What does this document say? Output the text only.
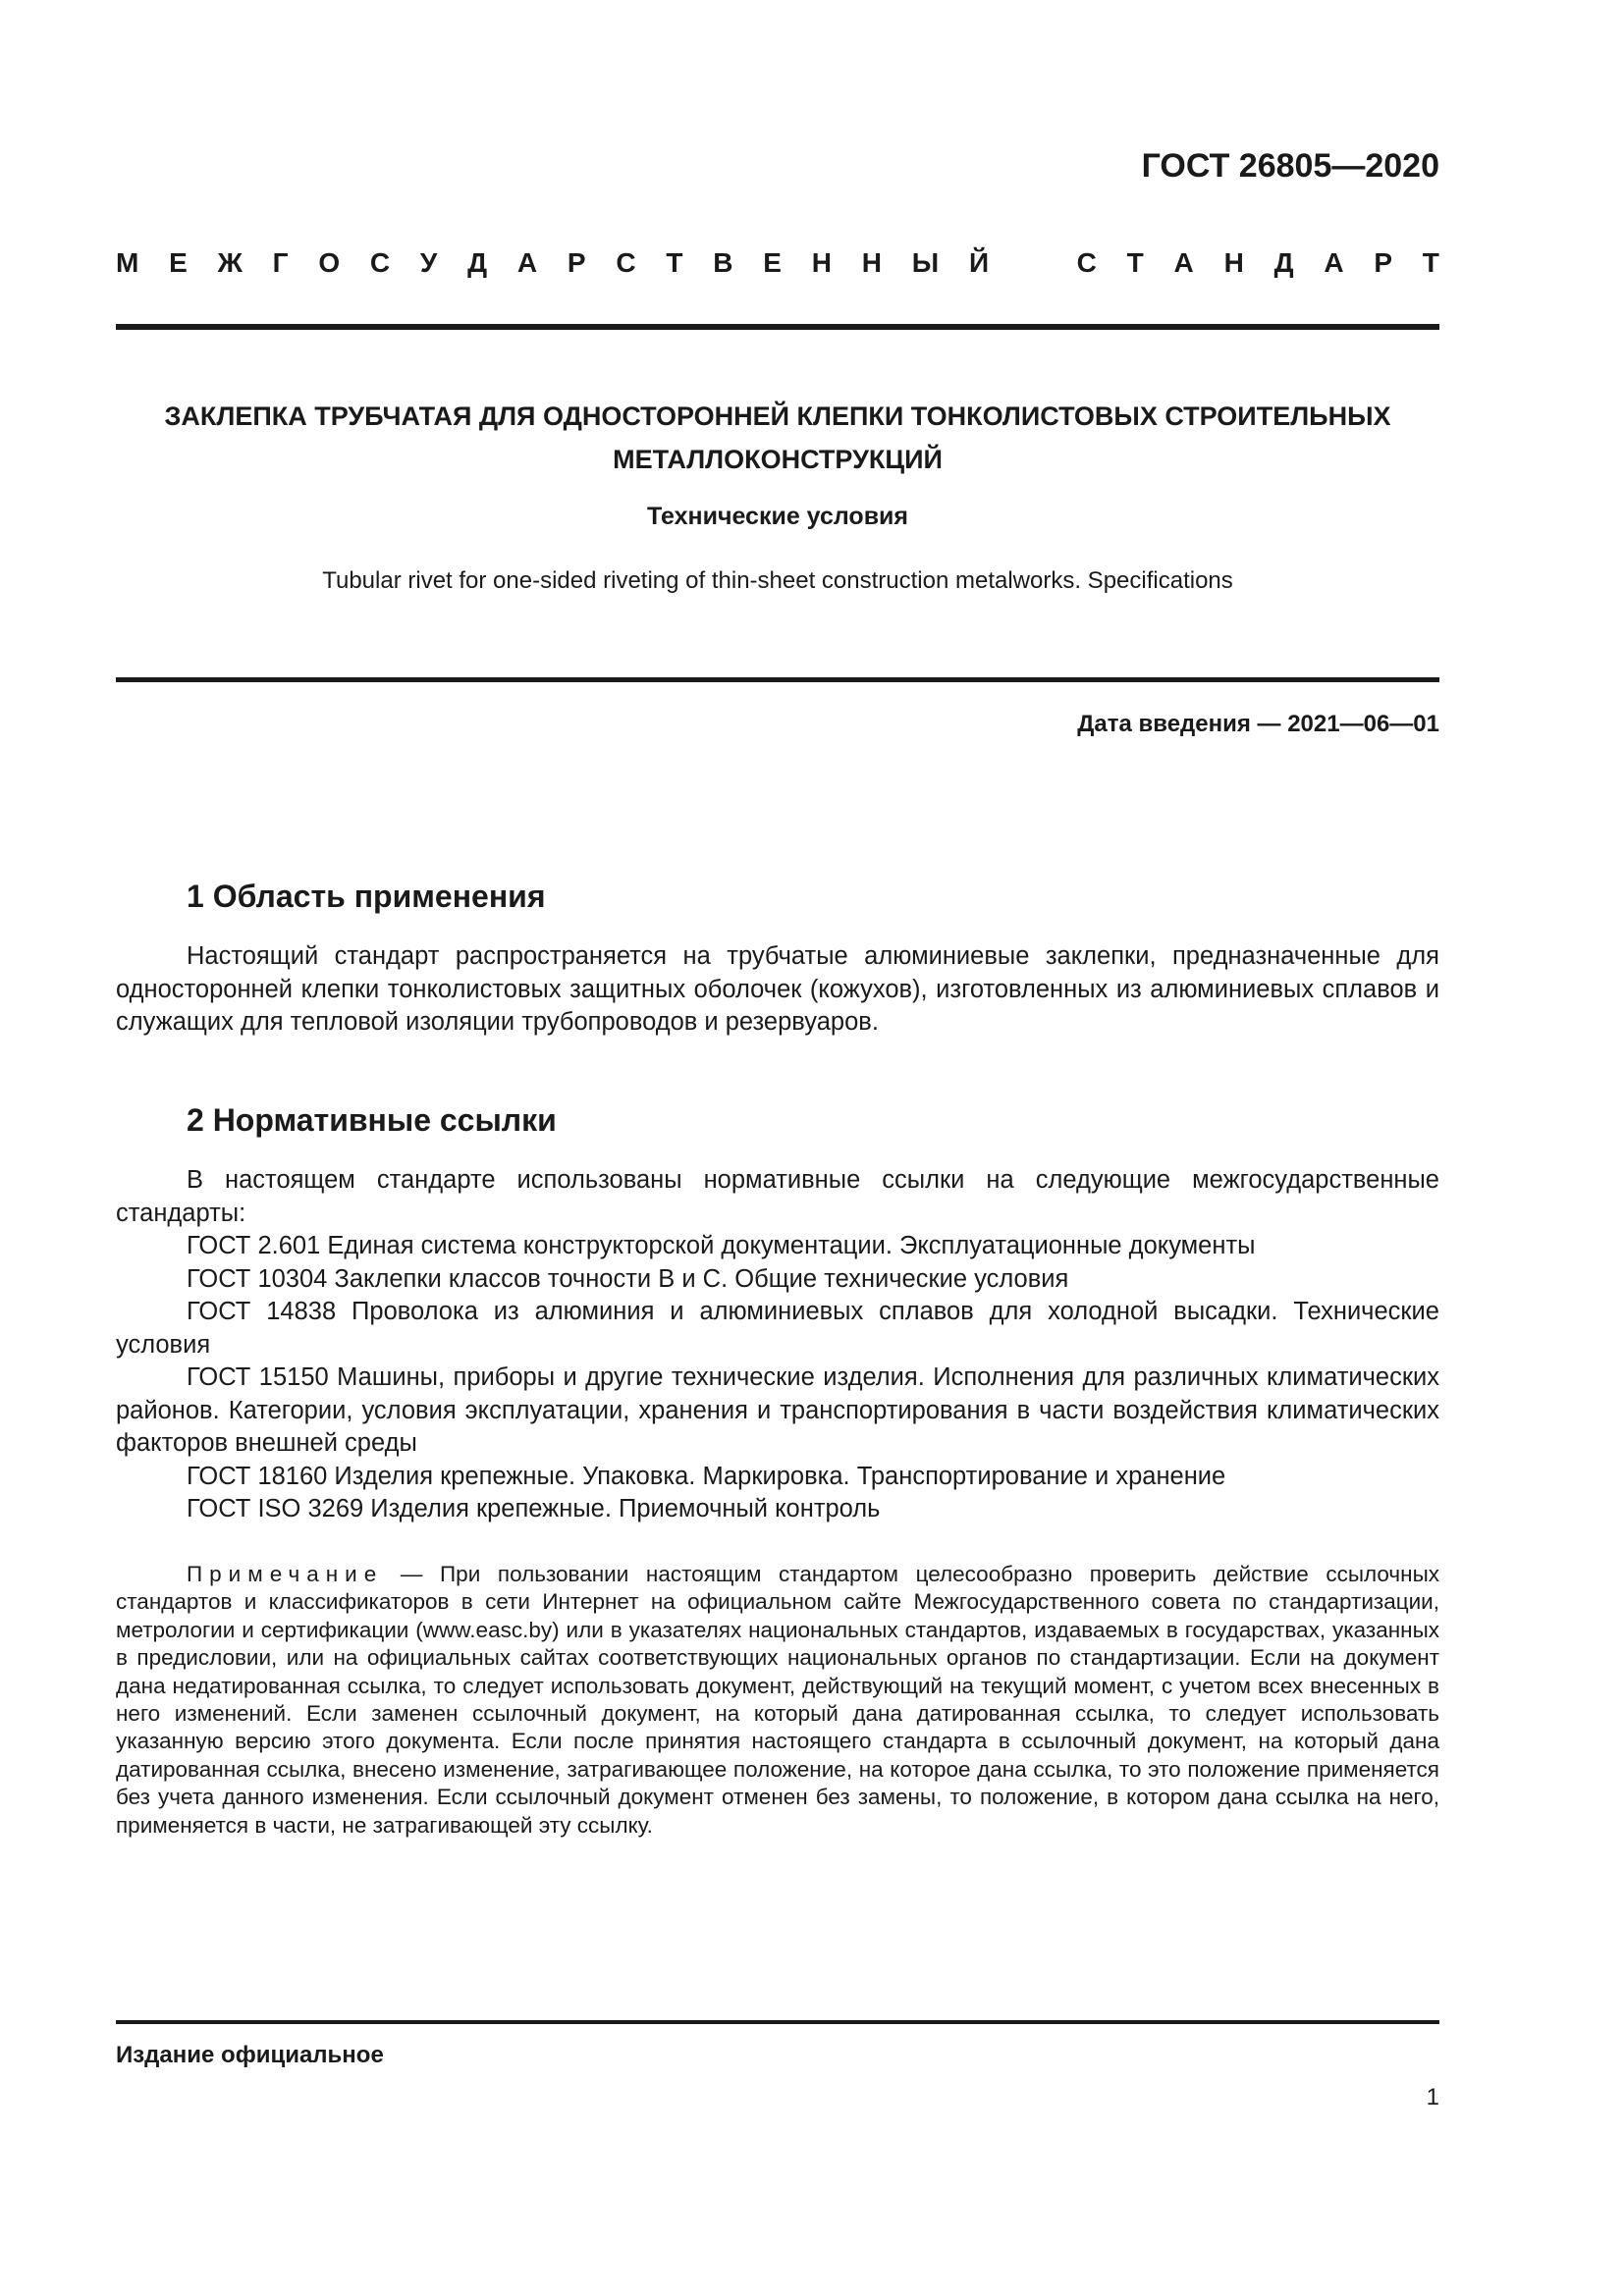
ГОСТ 26805—2020
М Е Ж Г О С У Д А Р С Т В Е Н Н Ы Й	С Т А Н Д А Р Т
ЗАКЛЕПКА ТРУБЧАТАЯ ДЛЯ ОДНОСТОРОННЕЙ КЛЕПКИ ТОНКОЛИСТОВЫХ СТРОИТЕЛЬНЫХ
МЕТАЛЛОКОНСТРУКЦИЙ
Технические условия
Tubular rivet for one-sided riveting of thin-sheet construction metalworks. Specifications
Дата введения — 2021—06—01
1 Область применения

Настоящий стандарт распространяется на трубчатые алюминиевые заклепки, предназначенные для односторонней клепки тонколистовых защитных оболочек (кожухов), изготовленных из алюминиевых сплавов и служащих для тепловой изоляции трубопроводов и резервуаров.

2 Нормативные ссылки

В настоящем стандарте использованы нормативные ссылки на следующие межгосударственные стандарты:

ГОСТ 2.601 Единая система конструкторской документации. Эксплуатационные документы

ГОСТ 10304 Заклепки классов точности В и С. Общие технические условия

ГОСТ 14838 Проволока из алюминия и алюминиевых сплавов для холодной высадки. Технические условия

ГОСТ 15150 Машины, приборы и другие технические изделия. Исполнения для различных климатических районов. Категории, условия эксплуатации, хранения и транспортирования в части воздействия климатических факторов внешней среды

ГОСТ 18160 Изделия крепежные. Упаковка. Маркировка. Транспортирование и хранение

ГОСТ ISO 3269 Изделия крепежные. Приемочный контроль

Примечание — При пользовании настоящим стандартом целесообразно проверить действие ссылочных стандартов и классификаторов в сети Интернет на официальном сайте Межгосударственного совета по стандартизации, метрологии и сертификации (www.easc.by) или в указателях национальных стандартов, издаваемых в государствах, указанных в предисловии, или на официальных сайтах соответствующих национальных органов по стандартизации. Если на документ дана недатированная ссылка, то следует использовать документ, действующий на текущий момент, с учетом всех внесенных в него изменений. Если заменен ссылочный документ, на который дана датированная ссылка, то следует использовать указанную версию этого документа. Если после принятия настоящего стандарта в ссылочный документ, на который дана датированная ссылка, внесено изменение, затрагивающее положение, на которое дана ссылка, то это положение применяется без учета данного изменения. Если ссылочный документ отменен без замены, то положение, в котором дана ссылка на него, применяется в части, не затрагивающей эту ссылку.

Издание официальное
1
